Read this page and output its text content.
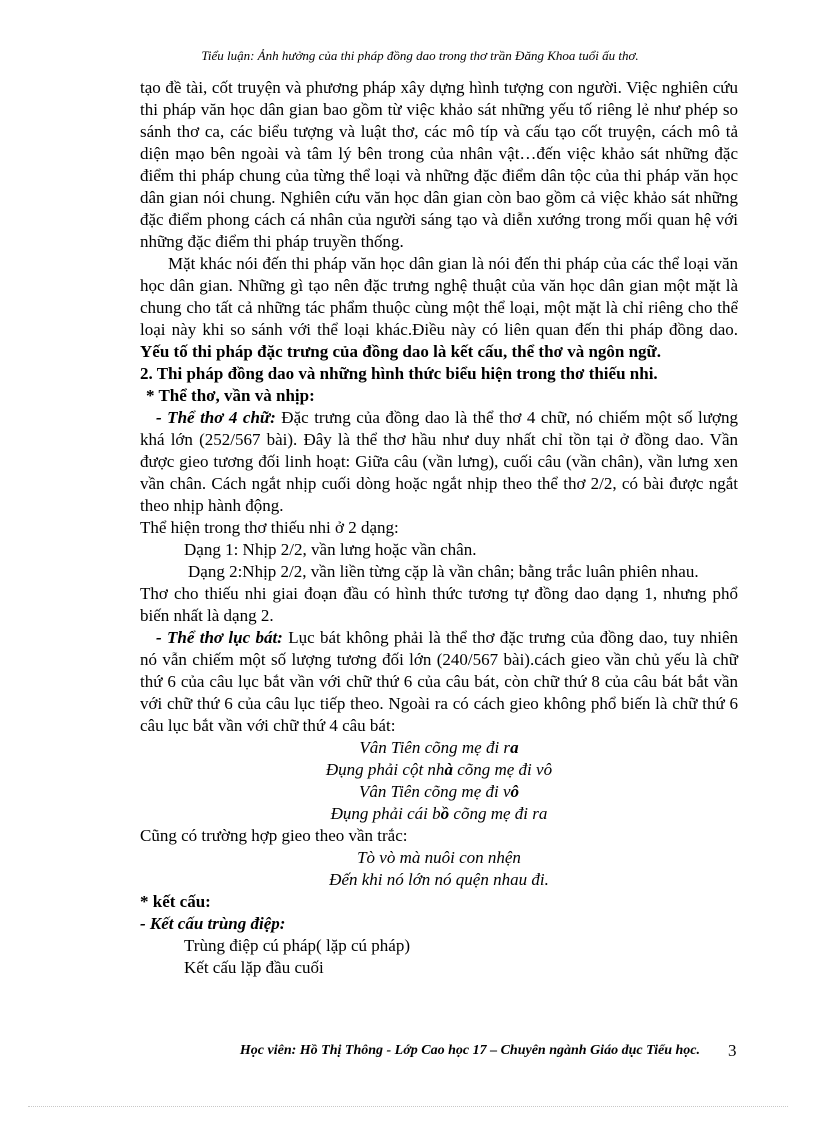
Tiểu luận: Ảnh hưởng của thi pháp đồng dao trong thơ trần Đăng Khoa tuổi ấu thơ.

tạo đề tài, cốt truyện và phương pháp xây dựng hình tượng con người. Việc nghiên cứu thi pháp văn học dân gian bao gồm từ việc khảo sát những yếu tố riêng lẻ như phép so sánh thơ ca, các biểu tượng và luật thơ, các mô típ và cấu tạo cốt truyện, cách mô tả diện mạo bên ngoài và tâm lý bên trong của nhân vật…đến việc khảo sát những đặc điểm thi pháp chung của từng thể loại và những đặc điểm dân tộc của thi pháp văn học dân gian nói chung. Nghiên cứu văn học dân gian còn bao gồm cả việc khảo sát những đặc điểm phong cách cá nhân của người sáng tạo và diễn xướng trong mối quan hệ với những đặc điểm thi pháp truyền thống.

Mặt khác nói đến thi pháp văn học dân gian là nói đến thi pháp của các thể loại văn học dân gian. Những gì tạo nên đặc trưng nghệ thuật của văn học dân gian một mặt là chung cho tất cả những tác phẩm thuộc cùng một thể loại, một mặt là chỉ riêng cho thể loại này khi so sánh với thể loại khác.Điều này có liên quan đến thi pháp đồng dao. Yếu tố thi pháp đặc trưng của đồng dao là kết cấu, thể thơ và ngôn ngữ.

2. Thi pháp đồng dao và những hình thức biểu hiện trong thơ thiếu nhi.

* Thể thơ, vần và nhịp:

- Thể thơ 4 chữ: Đặc trưng của đồng dao là thể thơ 4 chữ, nó chiếm một số lượng khá lớn (252/567 bài). Đây là thể thơ hầu như duy nhất chỉ tồn tại ở đồng dao. Vần được gieo tương đối linh hoạt: Giữa câu (vần lưng), cuối câu (vần chân), vần lưng xen vần chân. Cách ngắt nhịp cuối dòng hoặc ngắt nhịp theo thể thơ 2/2, có bài được ngắt theo nhịp hành động.

Thể hiện trong thơ thiếu nhi ở 2 dạng:

Dạng 1: Nhịp 2/2, vần lưng hoặc vần chân.

Dạng 2:Nhịp 2/2, vần liền từng cặp là vần chân; bằng trắc luân phiên nhau.

Thơ cho thiếu nhi giai đoạn đầu có hình thức tương tự đồng dao dạng 1, nhưng phổ biến nhất là dạng 2.

- Thể thơ lục bát: Lục bát không phải là thể thơ đặc trưng của đồng dao, tuy nhiên nó vẫn chiếm một số lượng tương đối lớn (240/567 bài).cách gieo vần chủ yếu là chữ thứ 6 của câu lục bắt vần với chữ thứ 6 của câu bát, còn chữ thứ 8 của câu bát bắt vần với chữ thứ 6 của câu lục tiếp theo. Ngoài ra có cách gieo không phổ biến là chữ thứ 6 câu lục bắt vần với chữ thứ 4 câu bát:

Vân Tiên cõng mẹ đi ra

Đụng phải cột nhà cõng mẹ đi vô

Vân Tiên cõng mẹ đi vô

Đụng phải cái bồ cõng mẹ đi ra

Cũng có trường hợp gieo theo vần trắc:

Tò vò mà nuôi con nhện

Đến khi nó lớn nó quện nhau đi.

* kết cấu:

- Kết cấu trùng điệp:

Trùng điệp cú pháp( lặp cú pháp)

Kết cấu lặp đầu cuối

Học viên: Hồ Thị Thông - Lớp Cao học 17 – Chuyên ngành Giáo dục Tiểu học. 3
